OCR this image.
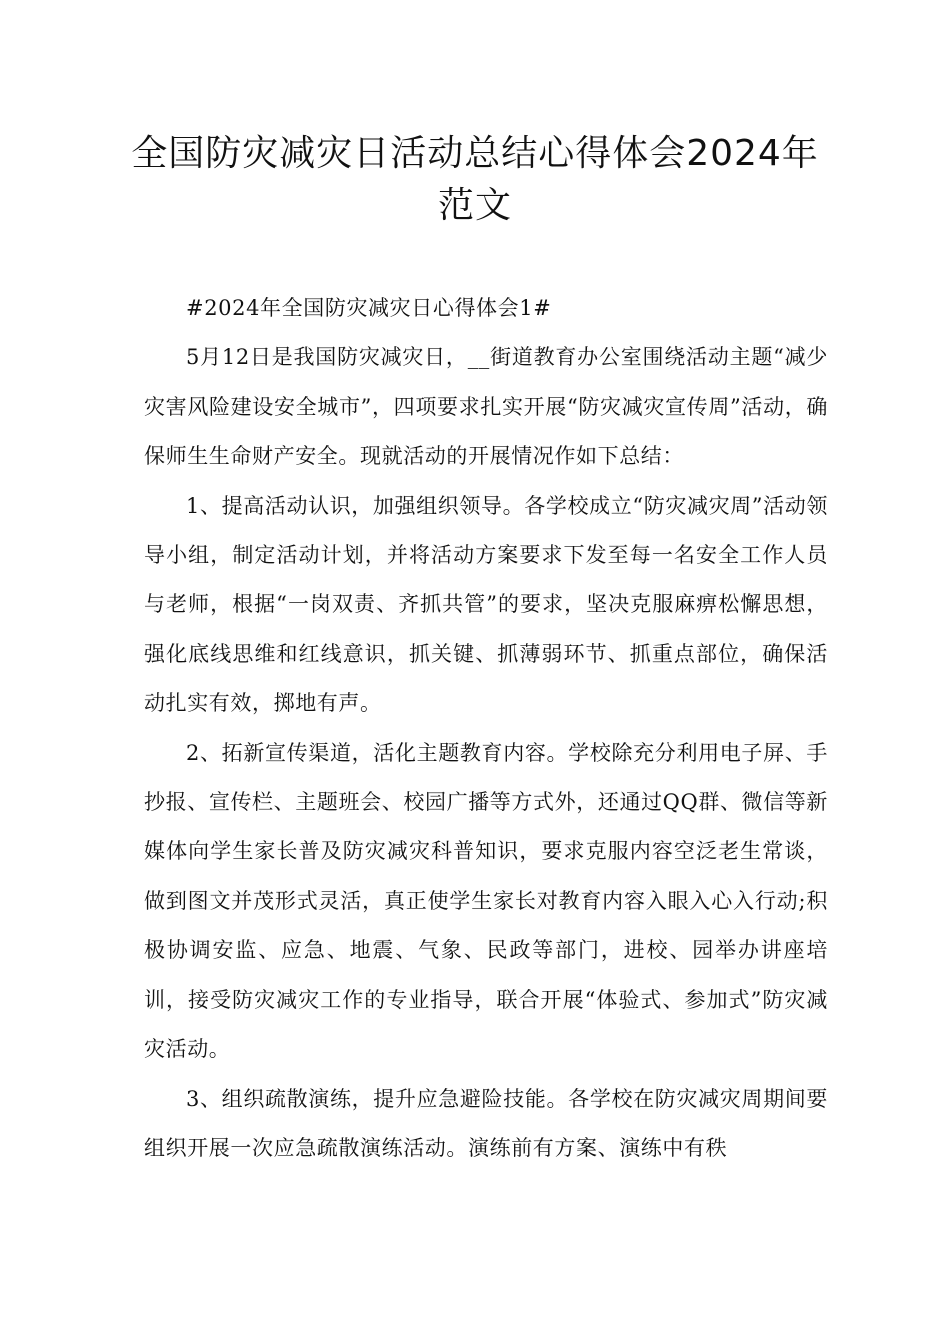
全国防灾减灾日活动总结心得体会2024年范文

#2024年全国防灾减灾日心得体会1#

5月12日是我国防灾减灾日，__街道教育办公室围绕活动主题“减少灾害风险建设安全城市”，四项要求扎实开展“防灾减灾宣传周”活动，确保师生生命财产安全。现就活动的开展情况作如下总结：

1、提高活动认识，加强组织领导。各学校成立“防灾减灾周”活动领导小组，制定活动计划，并将活动方案要求下发至每一名安全工作人员与老师，根据“一岗双责、齐抓共管”的要求，坚决克服麻痹松懈思想，强化底线思维和红线意识，抓关键、抓薄弱环节、抓重点部位，确保活动扎实有效，掷地有声。

2、拓新宣传渠道，活化主题教育内容。学校除充分利用电子屏、手抄报、宣传栏、主题班会、校园广播等方式外，还通过QQ群、微信等新媒体向学生家长普及防灾减灾科普知识，要求克服内容空泛老生常谈，做到图文并茂形式灵活，真正使学生家长对教育内容入眼入心入行动;积极协调安监、应急、地震、气象、民政等部门，进校、园举办讲座培训，接受防灾减灾工作的专业指导，联合开展“体验式、参加式”防灾减灾活动。

3、组织疏散演练，提升应急避险技能。各学校在防灾减灾周期间要组织开展一次应急疏散演练活动。演练前有方案、演练中有秩
